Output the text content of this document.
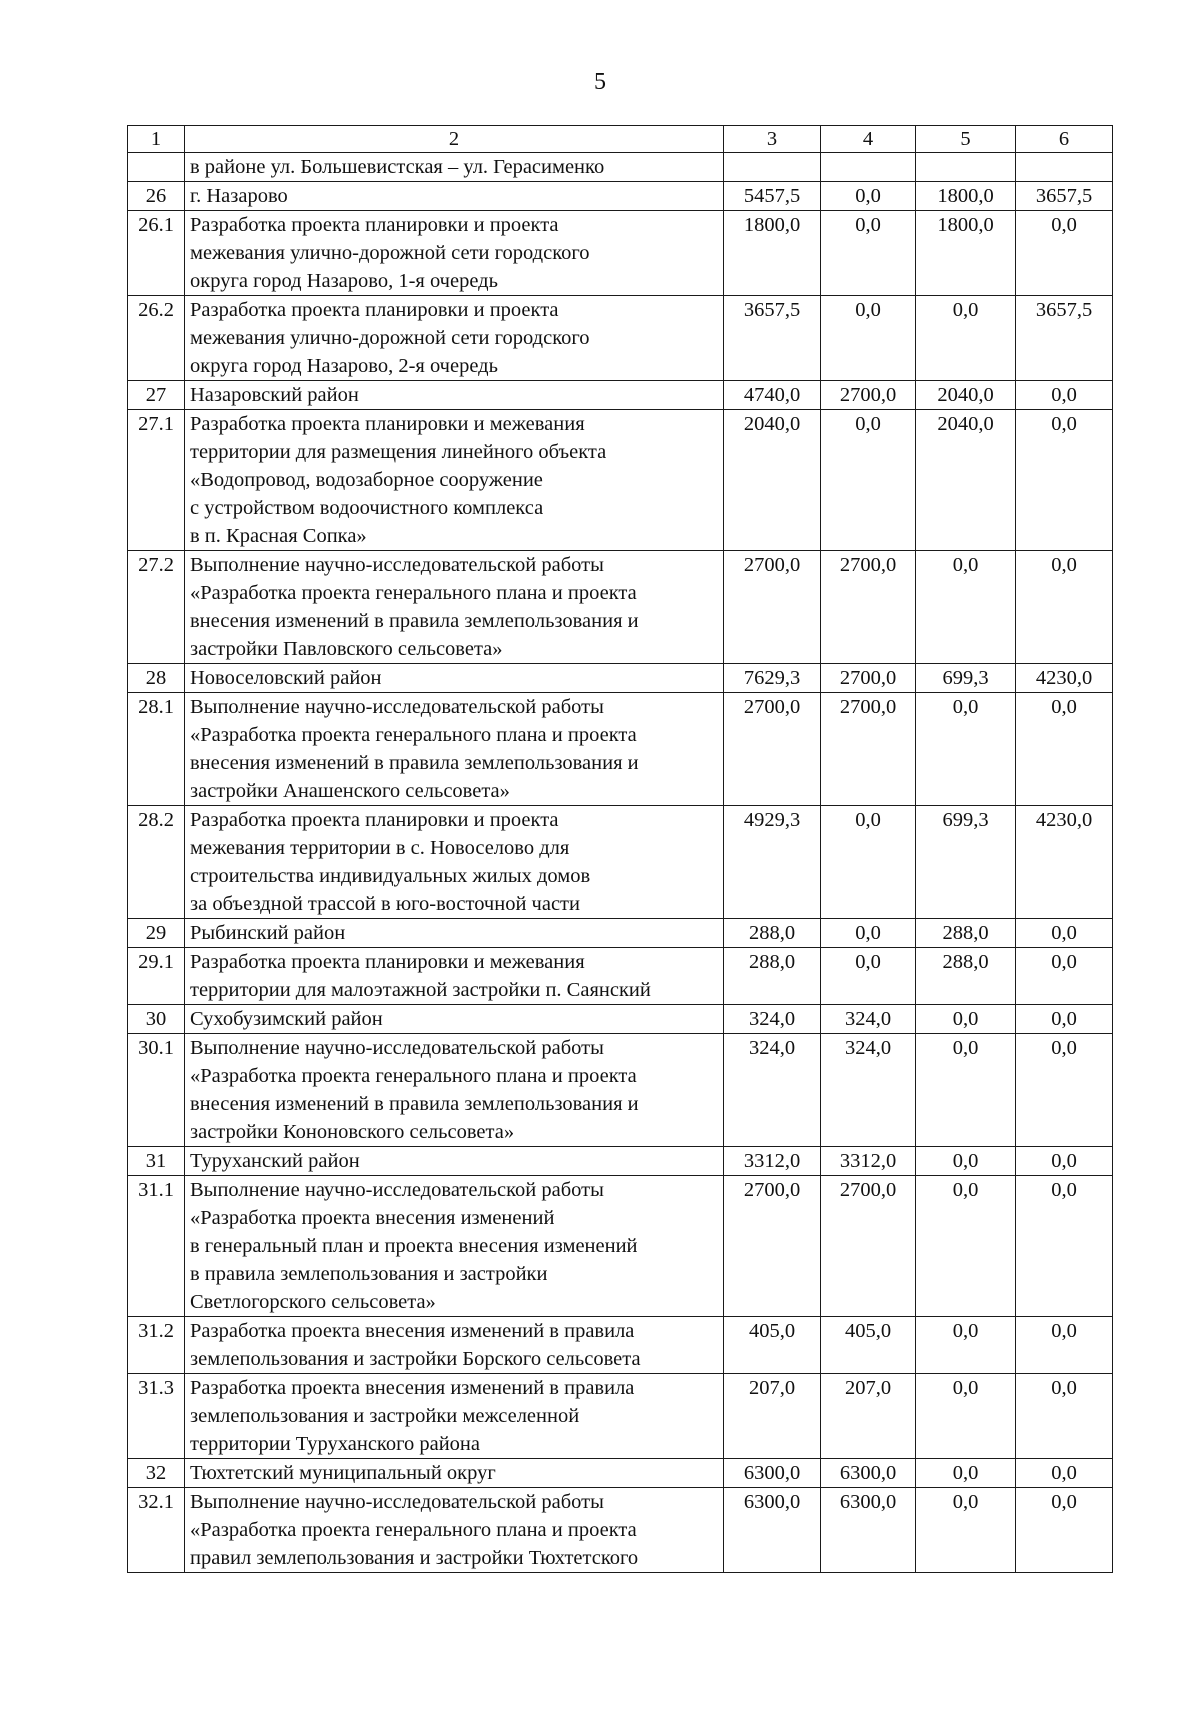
5
1	2	3	4	5	6

	в районе ул. Большевистская – ул. Герасименко				

26	г. Назарово	5457,5	0,0	1800,0	3657,5
26.1	Разработка проекта планировки и проекта
межевания улично-дорожной сети городского
округа город Назарово, 1-я очередь	1800,0	0,0	1800,0	0,0
26.2	Разработка проекта планировки и проекта
межевания улично-дорожной сети городского
округа город Назарово, 2-я очередь	3657,5	0,0	0,0	3657,5
27	Назаровский район	4740,0	2700,0	2040,0	0,0
27.1	Разработка проекта планировки и межевания
территории для размещения линейного объекта
«Водопровод, водозаборное сооружение
с устройством водоочистного комплекса
в п. Красная Сопка»	2040,0	0,0	2040,0	0,0
27.2	Выполнение научно-исследовательской работы
«Разработка проекта генерального плана и проекта
внесения изменений в правила землепользования и
застройки Павловского сельсовета»	2700,0	2700,0	0,0	0,0
28	Новоселовский район	7629,3	2700,0	699,3	4230,0
28.1	Выполнение научно-исследовательской работы
«Разработка проекта генерального плана и проекта
внесения изменений в правила землепользования и
застройки Анашенского сельсовета»	2700,0	2700,0	0,0	0,0
28.2	Разработка проекта планировки и проекта
межевания территории в с. Новоселово для
строительства индивидуальных жилых домов
за объездной трассой в юго-восточной части	4929,3	0,0	699,3	4230,0
29	Рыбинский район	288,0	0,0	288,0	0,0
29.1	Разработка проекта планировки и межевания
территории для малоэтажной застройки п. Саянский	288,0	0,0	288,0	0,0
30	Сухобузимский район	324,0	324,0	0,0	0,0
30.1	Выполнение научно-исследовательской работы
«Разработка проекта генерального плана и проекта
внесения изменений в правила землепользования и
застройки Кононовского сельсовета»	324,0	324,0	0,0	0,0
31	Туруханский район	3312,0	3312,0	0,0	0,0
31.1	Выполнение научно-исследовательской работы
«Разработка проекта внесения изменений
в генеральный план и проекта внесения изменений
в правила землепользования и застройки
Светлогорского сельсовета»	2700,0	2700,0	0,0	0,0
31.2	Разработка проекта внесения изменений в правила
землепользования и застройки Борского сельсовета	405,0	405,0	0,0	0,0
31.3	Разработка проекта внесения изменений в правила
землепользования и застройки межселенной
территории Туруханского района	207,0	207,0	0,0	0,0
32	Тюхтетский муниципальный округ	6300,0	6300,0	0,0	0,0
32.1	Выполнение научно-исследовательской работы
«Разработка проекта генерального плана и проекта
правил землепользования и застройки Тюхтетского	6300,0	6300,0	0,0	0,0
